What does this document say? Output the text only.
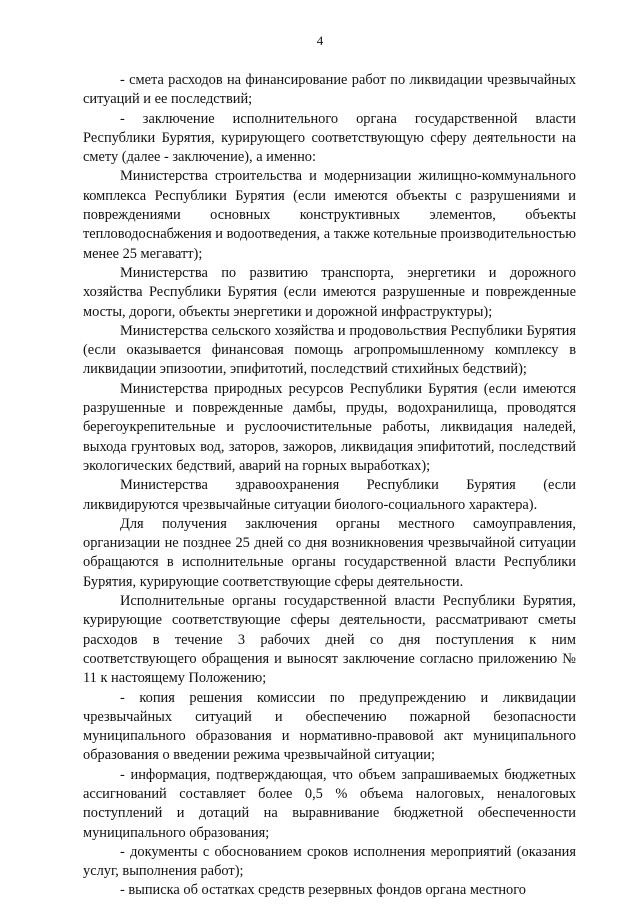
4

- смета расходов на финансирование работ по ликвидации чрезвычайных ситуаций и ее последствий;

- заключение исполнительного органа государственной власти Республики Бурятия, курирующего соответствующую сферу деятельности на смету (далее - заключение), а именно:

Министерства строительства и модернизации жилищно-коммунального комплекса Республики Бурятия (если имеются объекты с разрушениями и повреждениями основных конструктивных элементов, объекты тепловодоснабжения и водоотведения, а также котельные производительностью менее 25 мегаватт);

Министерства по развитию транспорта, энергетики и дорожного хозяйства Республики Бурятия (если имеются разрушенные и поврежденные мосты, дороги, объекты энергетики и дорожной инфраструктуры);

Министерства сельского хозяйства и продовольствия Республики Бурятия (если оказывается финансовая помощь агропромышленному комплексу в ликвидации эпизоотии, эпифитотий, последствий стихийных бедствий);

Министерства природных ресурсов Республики Бурятия (если имеются разрушенные и поврежденные дамбы, пруды, водохранилища, проводятся берегоукрепительные и руслоочистительные работы, ликвидация наледей, выхода грунтовых вод, заторов, зажоров, ликвидация эпифитотий, последствий экологических бедствий, аварий на горных выработках);

Министерства здравоохранения Республики Бурятия (если ликвидируются чрезвычайные ситуации биолого-социального характера).

Для получения заключения органы местного самоуправления, организации не позднее 25 дней со дня возникновения чрезвычайной ситуации обращаются в исполнительные органы государственной власти Республики Бурятия, курирующие соответствующие сферы деятельности.

Исполнительные органы государственной власти Республики Бурятия, курирующие соответствующие сферы деятельности, рассматривают сметы расходов в течение 3 рабочих дней со дня поступления к ним соответствующего обращения и выносят заключение согласно приложению № 11 к настоящему Положению;

- копия решения комиссии по предупреждению и ликвидации чрезвычайных ситуаций и обеспечению пожарной безопасности муниципального образования и нормативно-правовой акт муниципального образования о введении режима чрезвычайной ситуации;

- информация, подтверждающая, что объем запрашиваемых бюджетных ассигнований составляет более 0,5 % объема налоговых, неналоговых поступлений и дотаций на выравнивание бюджетной обеспеченности муниципального образования;

- документы с обоснованием сроков исполнения мероприятий (оказания услуг, выполнения работ);

- выписка об остатках средств резервных фондов органа местного
